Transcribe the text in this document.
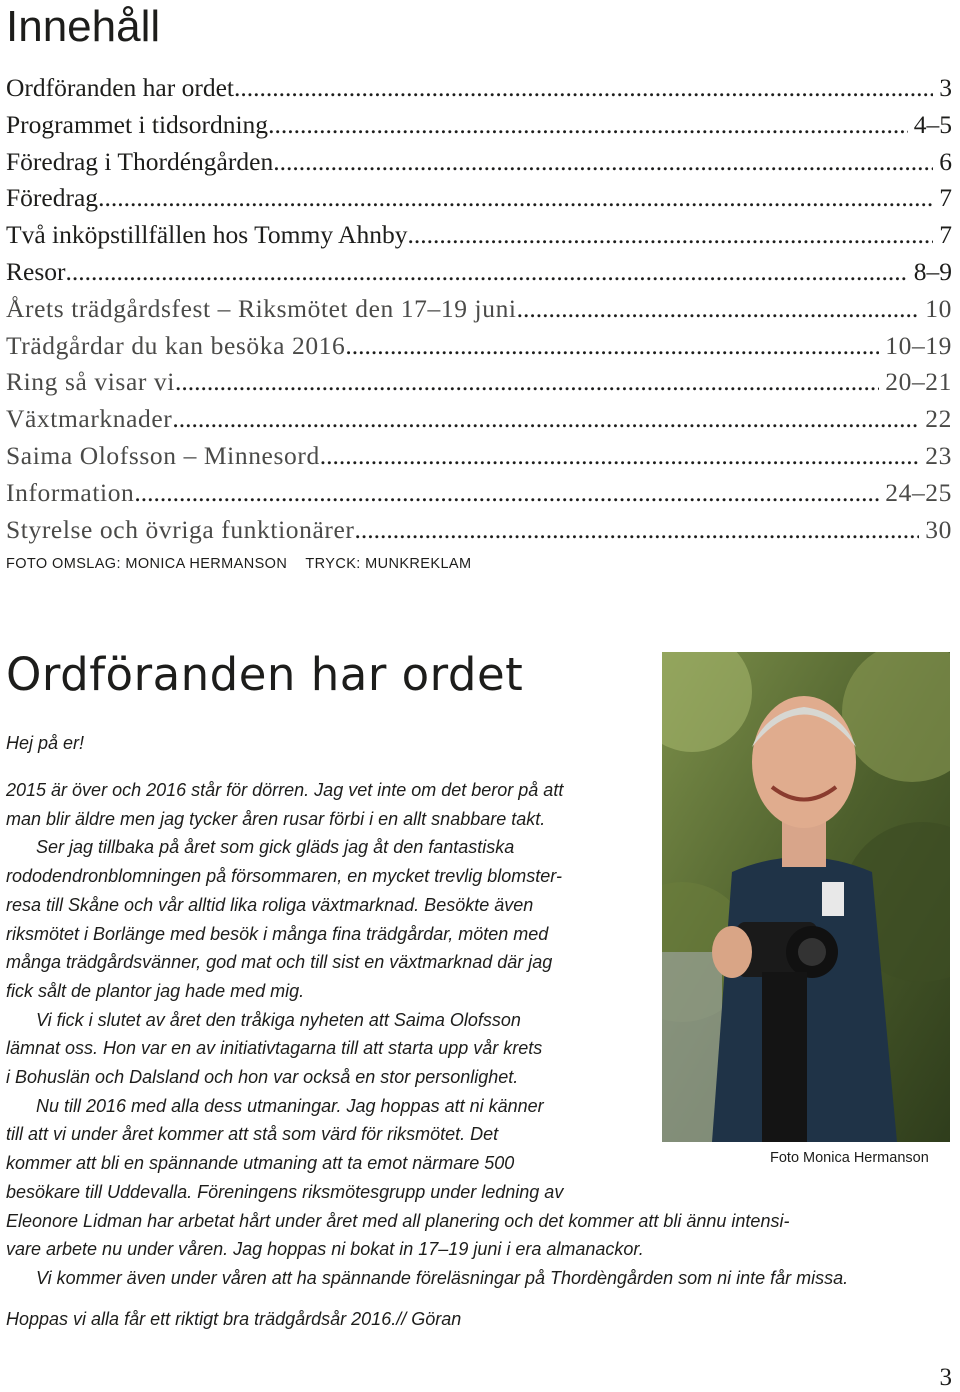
Innehåll
Ordföranden har ordet .....	3
Programmet i tidsordning .....	4–5
Föredrag i Thordéngården .....	6
Föredrag .....	7
Två inköpstillfällen hos Tommy Ahnby .....	7
Resor .....	8–9
Årets trädgårdsfest – Riksmötet den 17–19 juni .....	10
Trädgårdar du kan besöka 2016 .....	10–19
Ring så visar vi .....	20–21
Växtmarknader .....	22
Saima Olofsson – Minnesord .....	23
Information .....	24–25
Styrelse och övriga funktionärer .....	30
FOTO OMSLAG: MONICA HERMANSON TRYCK: MUNKREKLAM
Ordföranden har ordet
Foto Monica Hermanson
Hej på er!
2015 är över och 2016 står för dörren. Jag vet inte om det beror på att
man blir äldre men jag tycker åren rusar förbi i en allt snabbare takt.
Ser jag tillbaka på året som gick gläds jag åt den fantastiska
rododendronblomningen på försommaren, en mycket trevlig blomster-
resa till Skåne och vår alltid lika roliga växtmarknad. Besökte även
riksmötet i Borlänge med besök i många fina trädgårdar, möten med
många trädgårdsvänner, god mat och till sist en växtmarknad där jag
fick sålt de plantor jag hade med mig.
Vi fick i slutet av året den tråkiga nyheten att Saima Olofsson
lämnat oss. Hon var en av initiativtagarna till att starta upp vår krets
i Bohuslän och Dalsland och hon var också en stor personlighet.
Nu till 2016 med alla dess utmaningar. Jag hoppas att ni känner
till att vi under året kommer att stå som värd för riksmötet. Det
kommer att bli en spännande utmaning att ta emot närmare 500
besökare till Uddevalla. Föreningens riksmötesgrupp under ledning av
Eleonore Lidman har arbetat hårt under året med all planering och det kommer att bli ännu intensi-
vare arbete nu under våren. Jag hoppas ni bokat in 17–19 juni i era almanackor.
Vi kommer även under våren att ha spännande föreläsningar på Thordèngården som ni inte får missa.
Hoppas vi alla får ett riktigt bra trädgårdsår 2016.// Göran
3
